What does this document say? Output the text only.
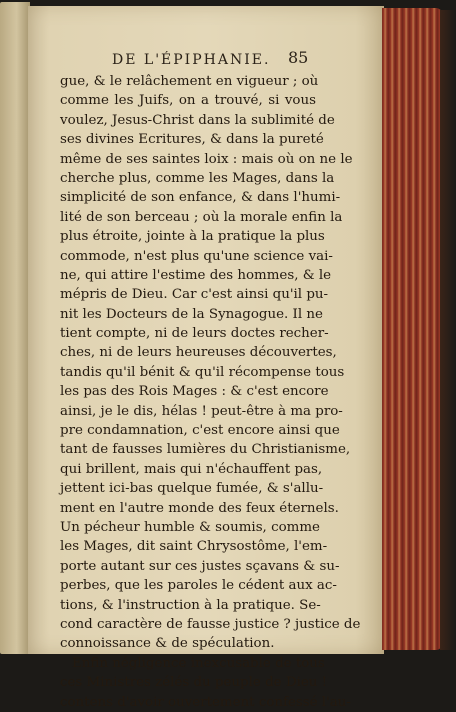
DE L'ÉPIPHANIE.	85
gue, & le relâchement en vigueur ; où
comme les Juifs, on a trouvé, si vous
voulez, Jesus-Christ dans la sublimité de
ses divines Ecritures, & dans la pureté
même de ses saintes loix : mais où on ne le
cherche plus, comme les Mages, dans la
simplicité de son enfance, & dans l'humi-
lité de son berceau ; où la morale enfin la
plus étroite, jointe à la pratique la plus
commode, n'est plus qu'une science vai-
ne, qui attire l'estime des hommes, & le
mépris de Dieu. Car c'est ainsi qu'il pu-
nit les Docteurs de la Synagogue. Il ne
tient compte, ni de leurs doctes recher-
ches, ni de leurs heureuses découvertes,
tandis qu'il bénit & qu'il récompense tous
les pas des Rois Mages : & c'est encore
ainsi, je le dis, hélas ! peut-être à ma pro-
pre condamnation, c'est encore ainsi que
tant de fausses lumières du Christianisme,
qui brillent, mais qui n'échauffent pas,
jettent ici-bas quelque fumée, & s'allu-
ment en l'autre monde des feux éternels.
Un pécheur humble & soumis, comme
les Mages, dit saint Chrysostôme, l'em-
porte autant sur ces justes sçavans & su-
perbes, que les paroles le cédent aux ac-
tions, & l'instruction à la pratique. Se-
cond caractère de fausse justice ? justice de
connoissance & de spéculation.
Enfin négligence inexcusable de tous
ces Ministres zélés du peuple de Dieu !
contens d'avoir ouvertement confessé l'au-
